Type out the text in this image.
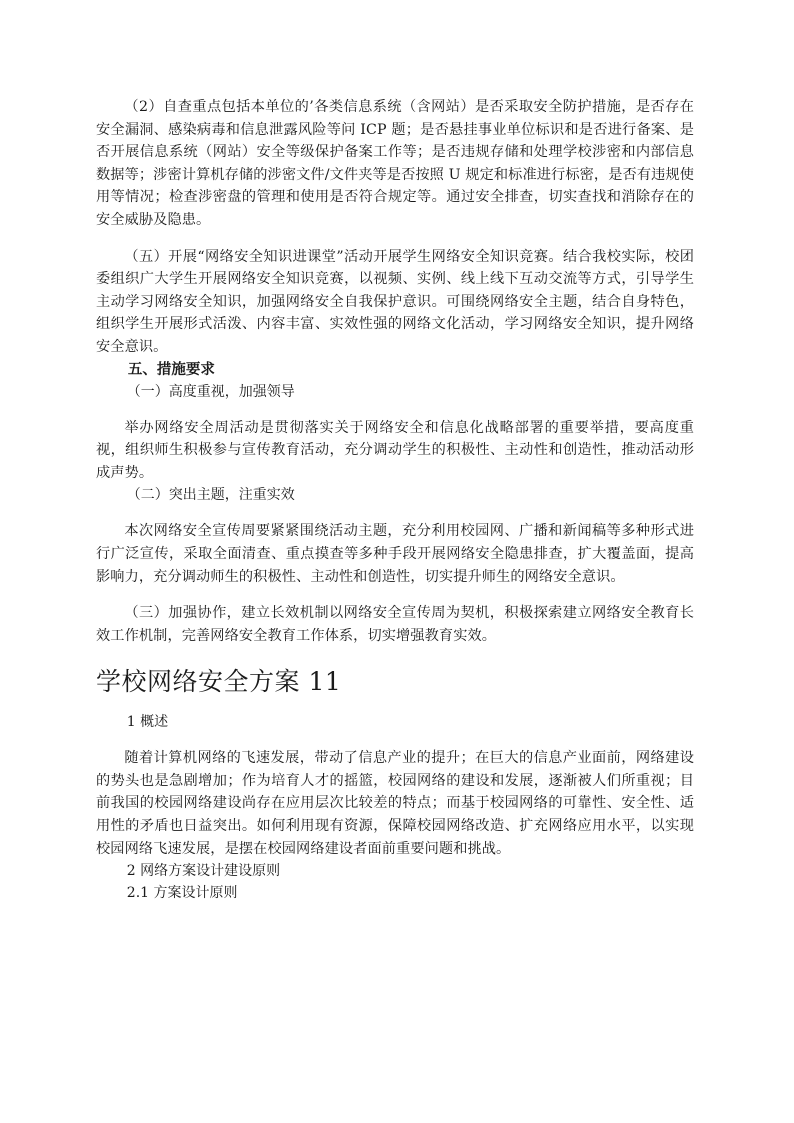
（2）自查重点包括本单位的’各类信息系统（含网站）是否采取安全防护措施，是否存在安全漏洞、感染病毒和信息泄露风险等问 ICP 题；是否悬挂事业单位标识和是否进行备案、是否开展信息系统（网站）安全等级保护备案工作等；是否违规存储和处理学校涉密和内部信息数据等；涉密计算机存储的涉密文件/文件夹等是否按照 U 规定和标准进行标密，是否有违规使用等情况；检查涉密盘的管理和使用是否符合规定等。通过安全排查，切实查找和消除存在的安全威胁及隐患。

（五）开展“网络安全知识进课堂”活动开展学生网络安全知识竞赛。结合我校实际，校团委组织广大学生开展网络安全知识竞赛，以视频、实例、线上线下互动交流等方式，引导学生主动学习网络安全知识，加强网络安全自我保护意识。可围绕网络安全主题，结合自身特色，组织学生开展形式活泼、内容丰富、实效性强的网络文化活动，学习网络安全知识，提升网络安全意识。

五、措施要求

（一）高度重视，加强领导

举办网络安全周活动是贯彻落实关于网络安全和信息化战略部署的重要举措，要高度重视，组织师生积极参与宣传教育活动，充分调动学生的积极性、主动性和创造性，推动活动形成声势。

（二）突出主题，注重实效

本次网络安全宣传周要紧紧围绕活动主题，充分利用校园网、广播和新闻稿等多种形式进行广泛宣传，采取全面清查、重点摸查等多种手段开展网络安全隐患排查，扩大覆盖面，提高影响力，充分调动师生的积极性、主动性和创造性，切实提升师生的网络安全意识。

（三）加强协作，建立长效机制以网络安全宣传周为契机，积极探索建立网络安全教育长效工作机制，完善网络安全教育工作体系，切实增强教育实效。

学校网络安全方案 11

1 概述

随着计算机网络的飞速发展，带动了信息产业的提升；在巨大的信息产业面前，网络建设的势头也是急剧增加；作为培育人才的摇篮，校园网络的建设和发展，逐渐被人们所重视；目前我国的校园网络建设尚存在应用层次比较差的特点；而基于校园网络的可靠性、安全性、适用性的矛盾也日益突出。如何利用现有资源，保障校园网络改造、扩充网络应用水平，以实现校园网络飞速发展，是摆在校园网络建设者面前重要问题和挑战。

2 网络方案设计建设原则

2.1 方案设计原则
